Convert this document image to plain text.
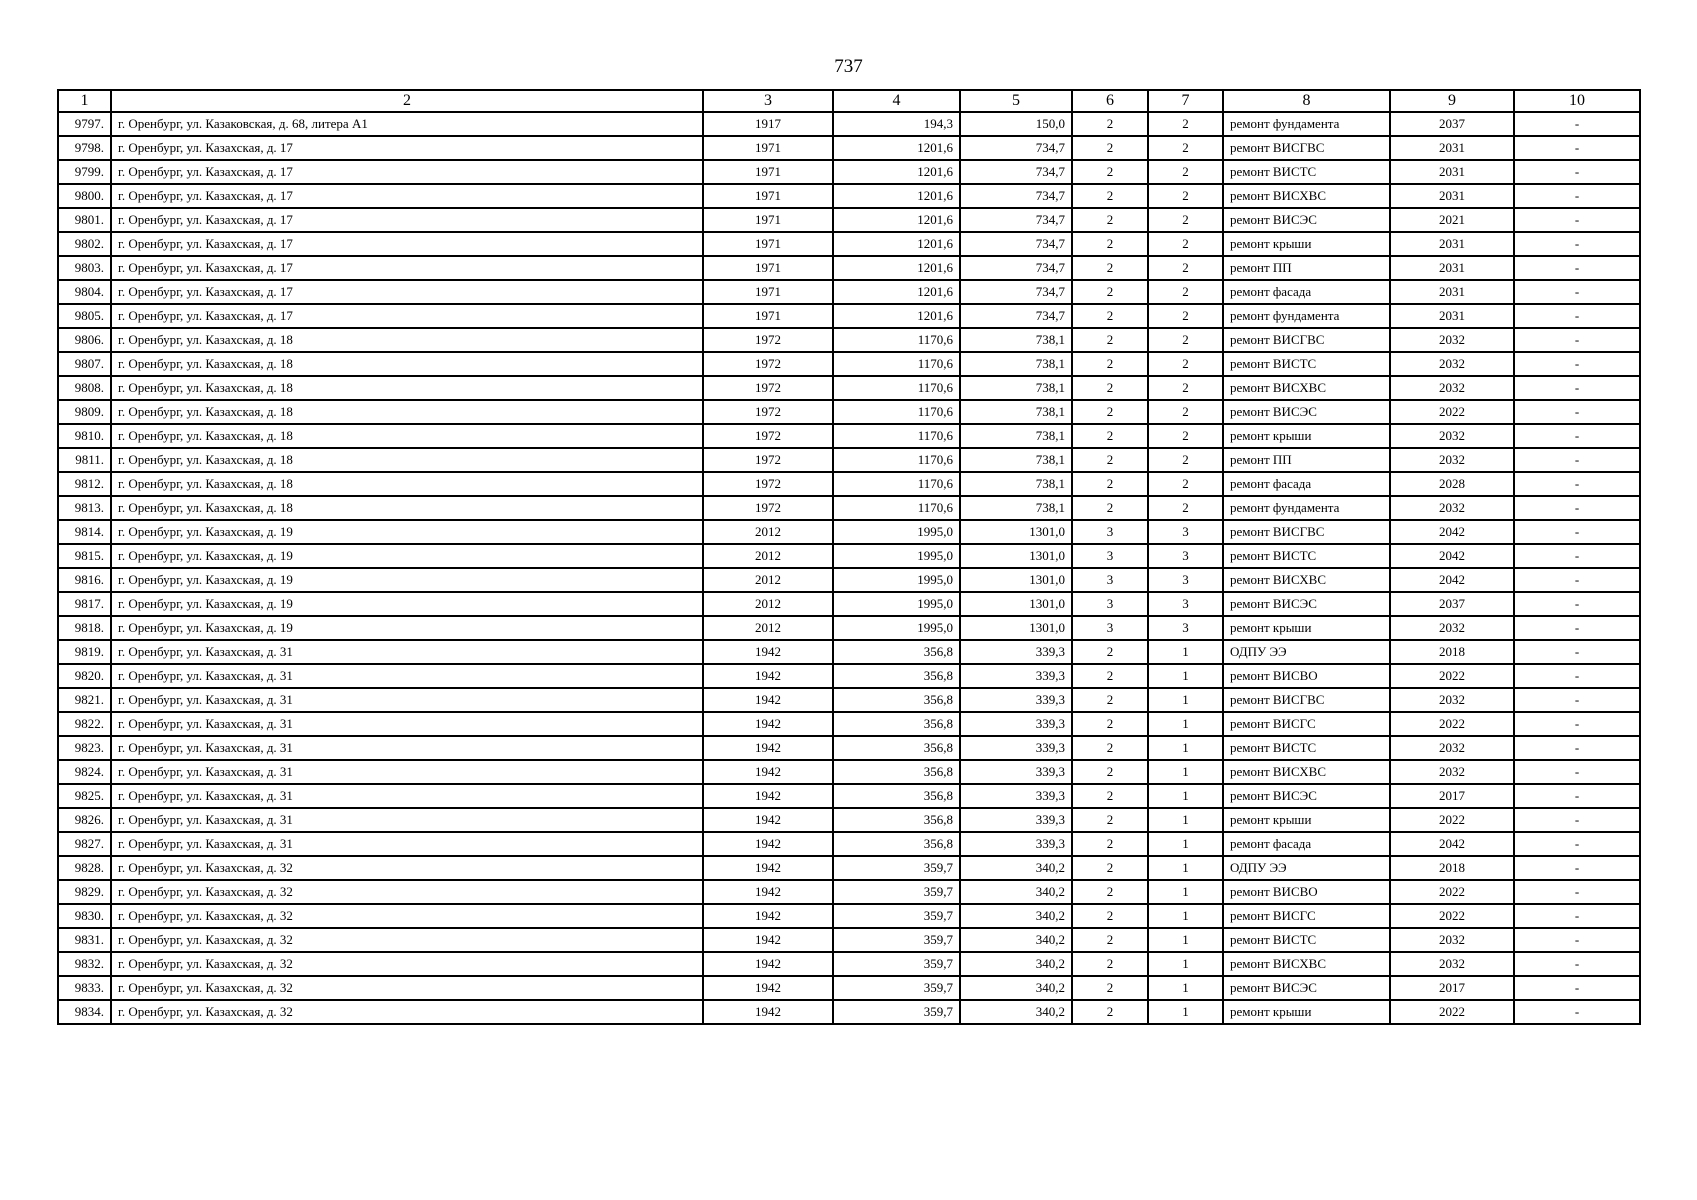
737
1	2	3	4	5	6	7	8	9	10
9797.	г. Оренбург, ул. Казаковская, д. 68, литера А1	1917	194,3	150,0	2	2	ремонт фундамента	2037	-
9798.	г. Оренбург, ул. Казахская, д. 17	1971	1201,6	734,7	2	2	ремонт ВИСГВС	2031	-
9799.	г. Оренбург, ул. Казахская, д. 17	1971	1201,6	734,7	2	2	ремонт ВИСТС	2031	-
9800.	г. Оренбург, ул. Казахская, д. 17	1971	1201,6	734,7	2	2	ремонт ВИСХВС	2031	-
9801.	г. Оренбург, ул. Казахская, д. 17	1971	1201,6	734,7	2	2	ремонт ВИСЭС	2021	-
9802.	г. Оренбург, ул. Казахская, д. 17	1971	1201,6	734,7	2	2	ремонт крыши	2031	-
9803.	г. Оренбург, ул. Казахская, д. 17	1971	1201,6	734,7	2	2	ремонт ПП	2031	-
9804.	г. Оренбург, ул. Казахская, д. 17	1971	1201,6	734,7	2	2	ремонт фасада	2031	-
9805.	г. Оренбург, ул. Казахская, д. 17	1971	1201,6	734,7	2	2	ремонт фундамента	2031	-
9806.	г. Оренбург, ул. Казахская, д. 18	1972	1170,6	738,1	2	2	ремонт ВИСГВС	2032	-
9807.	г. Оренбург, ул. Казахская, д. 18	1972	1170,6	738,1	2	2	ремонт ВИСТС	2032	-
9808.	г. Оренбург, ул. Казахская, д. 18	1972	1170,6	738,1	2	2	ремонт ВИСХВС	2032	-
9809.	г. Оренбург, ул. Казахская, д. 18	1972	1170,6	738,1	2	2	ремонт ВИСЭС	2022	-
9810.	г. Оренбург, ул. Казахская, д. 18	1972	1170,6	738,1	2	2	ремонт крыши	2032	-
9811.	г. Оренбург, ул. Казахская, д. 18	1972	1170,6	738,1	2	2	ремонт ПП	2032	-
9812.	г. Оренбург, ул. Казахская, д. 18	1972	1170,6	738,1	2	2	ремонт фасада	2028	-
9813.	г. Оренбург, ул. Казахская, д. 18	1972	1170,6	738,1	2	2	ремонт фундамента	2032	-
9814.	г. Оренбург, ул. Казахская, д. 19	2012	1995,0	1301,0	3	3	ремонт ВИСГВС	2042	-
9815.	г. Оренбург, ул. Казахская, д. 19	2012	1995,0	1301,0	3	3	ремонт ВИСТС	2042	-
9816.	г. Оренбург, ул. Казахская, д. 19	2012	1995,0	1301,0	3	3	ремонт ВИСХВС	2042	-
9817.	г. Оренбург, ул. Казахская, д. 19	2012	1995,0	1301,0	3	3	ремонт ВИСЭС	2037	-
9818.	г. Оренбург, ул. Казахская, д. 19	2012	1995,0	1301,0	3	3	ремонт крыши	2032	-
9819.	г. Оренбург, ул. Казахская, д. 31	1942	356,8	339,3	2	1	ОДПУ ЭЭ	2018	-
9820.	г. Оренбург, ул. Казахская, д. 31	1942	356,8	339,3	2	1	ремонт ВИСВО	2022	-
9821.	г. Оренбург, ул. Казахская, д. 31	1942	356,8	339,3	2	1	ремонт ВИСГВС	2032	-
9822.	г. Оренбург, ул. Казахская, д. 31	1942	356,8	339,3	2	1	ремонт ВИСГС	2022	-
9823.	г. Оренбург, ул. Казахская, д. 31	1942	356,8	339,3	2	1	ремонт ВИСТС	2032	-
9824.	г. Оренбург, ул. Казахская, д. 31	1942	356,8	339,3	2	1	ремонт ВИСХВС	2032	-
9825.	г. Оренбург, ул. Казахская, д. 31	1942	356,8	339,3	2	1	ремонт ВИСЭС	2017	-
9826.	г. Оренбург, ул. Казахская, д. 31	1942	356,8	339,3	2	1	ремонт крыши	2022	-
9827.	г. Оренбург, ул. Казахская, д. 31	1942	356,8	339,3	2	1	ремонт фасада	2042	-
9828.	г. Оренбург, ул. Казахская, д. 32	1942	359,7	340,2	2	1	ОДПУ ЭЭ	2018	-
9829.	г. Оренбург, ул. Казахская, д. 32	1942	359,7	340,2	2	1	ремонт ВИСВО	2022	-
9830.	г. Оренбург, ул. Казахская, д. 32	1942	359,7	340,2	2	1	ремонт ВИСГС	2022	-
9831.	г. Оренбург, ул. Казахская, д. 32	1942	359,7	340,2	2	1	ремонт ВИСТС	2032	-
9832.	г. Оренбург, ул. Казахская, д. 32	1942	359,7	340,2	2	1	ремонт ВИСХВС	2032	-
9833.	г. Оренбург, ул. Казахская, д. 32	1942	359,7	340,2	2	1	ремонт ВИСЭС	2017	-
9834.	г. Оренбург, ул. Казахская, д. 32	1942	359,7	340,2	2	1	ремонт крыши	2022	-
